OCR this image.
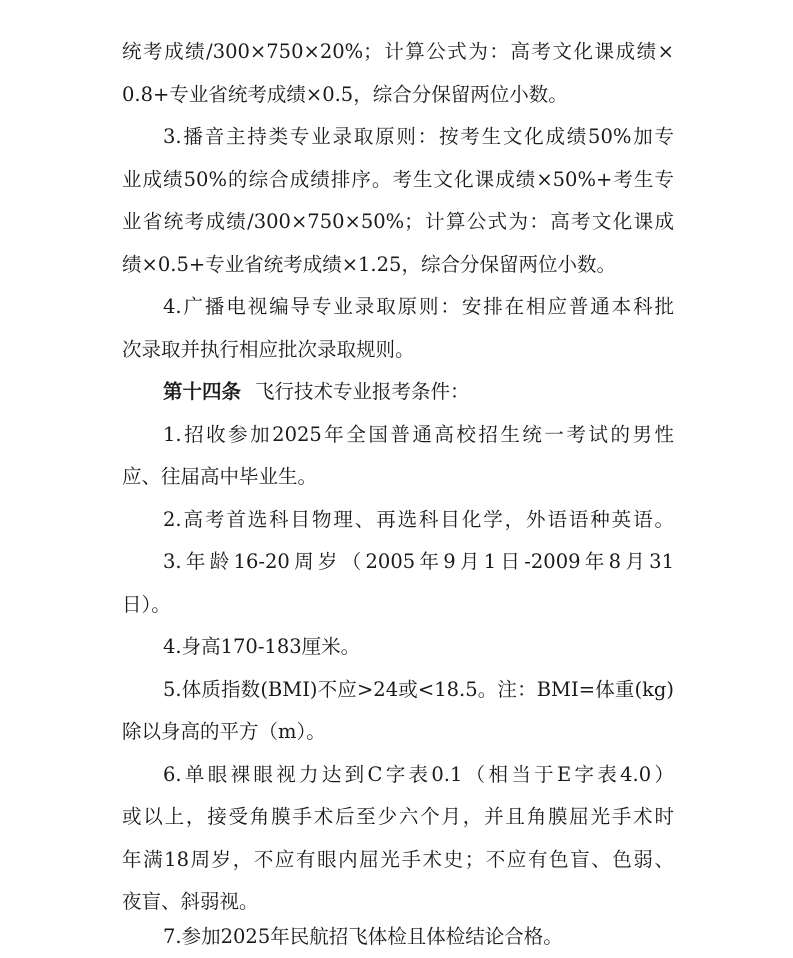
统考成绩/300×750×20%；计算公式为：高考文化课成绩×
0.8+专业省统考成绩×0.5，综合分保留两位小数。
3.播音主持类专业录取原则：按考生文化成绩50%加专
业成绩50%的综合成绩排序。考生文化课成绩×50%+考生专
业省统考成绩/300×750×50%；计算公式为：高考文化课成
绩×0.5+专业省统考成绩×1.25，综合分保留两位小数。
4.广播电视编导专业录取原则：安排在相应普通本科批
次录取并执行相应批次录取规则。
第十四条 飞行技术专业报考条件：
1.招收参加2025年全国普通高校招生统一考试的男性
应、往届高中毕业生。
2.高考首选科目物理、再选科目化学，外语语种英语。
3.年龄16-20周岁（2005年9月1日-2009年8月31
日）。
4.身高170-183厘米。
5.体质指数(BMI)不应>24或<18.5。注：BMI=体重(kg)
除以身高的平方（m）。
6.单眼裸眼视力达到C字表0.1（相当于E字表4.0）
或以上，接受角膜手术后至少六个月，并且角膜屈光手术时
年满18周岁，不应有眼内屈光手术史；不应有色盲、色弱、
夜盲、斜弱视。
7.参加2025年民航招飞体检且体检结论合格。
